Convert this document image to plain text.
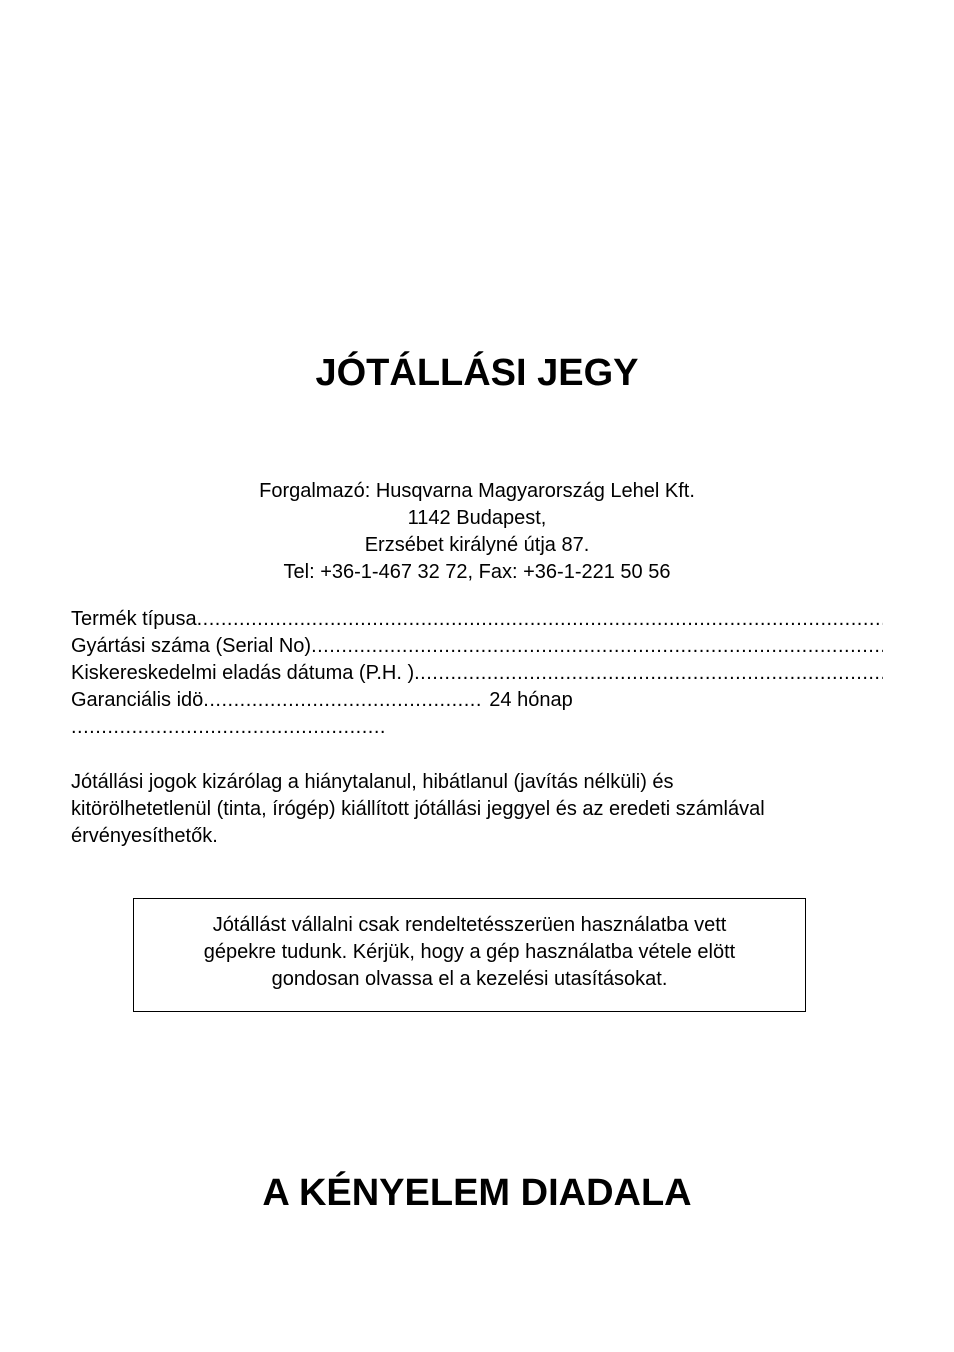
JÓTÁLLÁSI JEGY
Forgalmazó: Husqvarna Magyarország Lehel Kft.
1142 Budapest,
Erzsébet királyné útja 87.
Tel: +36-1-467 32 72, Fax: +36-1-221 50 56
Termék típusa
.....
Gyártási száma (Serial No)
.....
Kiskereskedelmi eladás dátuma (P.H. )
.....
Garanciális idö
.....	24 hónap
.....
Jótállási jogok kizárólag a hiánytalanul, hibátlanul (javítás nélküli) és
kitörölhetetlenül (tinta, írógép) kiállított jótállási jeggyel és az eredeti számlával
érvényesíthetők.
Jótállást vállalni csak rendeltetésszerüen használatba vett
gépekre tudunk. Kérjük, hogy a gép használatba vétele elött
gondosan olvassa el a kezelési utasításokat.
A KÉNYELEM DIADALA
